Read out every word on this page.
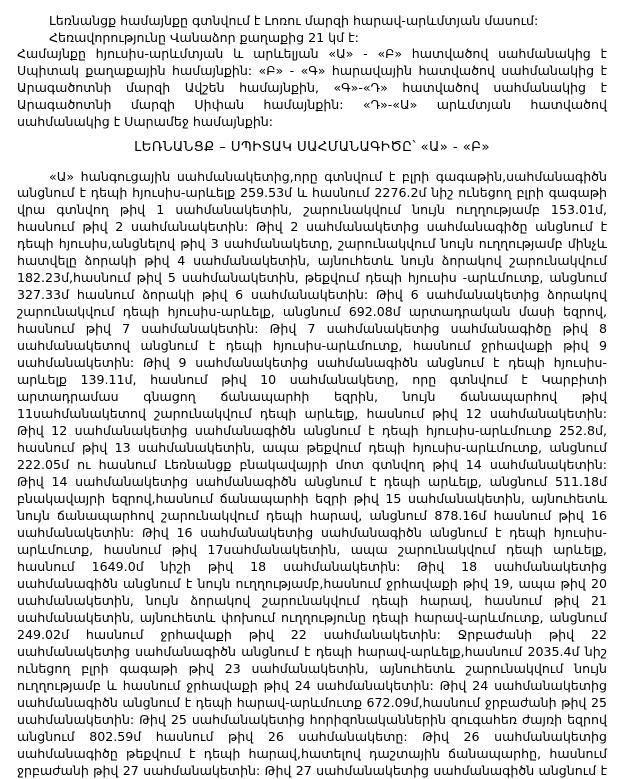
Լեռնանցք համայնքը գտնվում է Լոռու մարզի հարավ-արևմտյան մասում:
Հեռավորությունը Վանաձոր քաղաքից 21 կմ է:
Համայնքը հյուսիս-արևմտյան և արևելյան «Ա» - «Բ» հատվածով սահմանակից է
Սպիտակ քաղաքային համայնքին: «Բ» - «Գ» հարավային հատվածով սահմանակից է
Արագածոտնի մարզի Ավշեն համայնքին, «Գ»-«Դ» հատվածով սահմանակից է
Արագածոտնի մարզի Սիփան համայնքին: «Դ»-«Ա» արևմտյան հատվածով
սահմանակից է Սարամեջ համայնքին:
ԼԵՌՆԱՆՑՔ – ՍՊԻՏԱԿ ՍԱՀՄԱՆԱԳԻԾԸ՝ «Ա» - «Բ»
«Ա» հանգուցային սահմանակետից,որը գտնվում է բլրի գագաթին,սահմանագիծն
անցնում է դեպի հյուսիս-արևելք 259.53մ և հասնում 2276.2մ նիշ ունեցող բլրի գագաթի
վրա գտնվող թիվ 1 սահմանակետին, շարունակվում նույն ուղղությամբ 153.01մ,
հասնում թիվ 2 սահմանակետին: Թիվ 2 սահմանակետից սահմանագիծը անցնում է
դեպի հյուսիս,անցնելով թիվ 3 սահմանակետը, շարունակվում նույն ուղղությամբ մինչև
հատվելը ձորակի թիվ 4 սահմանակետին, այնուհետև նույն ձորակով շարունակվում
182.23մ,հասնում թիվ 5 սահմանակետին, թեքվում դեպի հյուսիս -արևմուտք, անցնում
327.33մ հասնում ձորակի թիվ 6 սահմանակետին: Թիվ 6 սահմանակետից ձորակով
շարունակվում դեպի հյուսիս-արևելք, անցնում 692.08մ արտադրական մասի եզրով,
հասնում թիվ 7 սահմանակետին: Թիվ 7 սահմանակետից սահմանագիծը թիվ 8
սահմանակետով անցնում է դեպի հյուսիս-արևմուտք, հասնում ջրհավաքի թիվ 9
սահմանակետին: Թիվ 9 սահմանակետից սահմանագիծն անցնում է դեպի հյուսիս-
արևելք 139.11մ, հասնում թիվ 10 սահմանակետը, որը գտնվում է Կարբիտի
արտադրամաս գնացող ճանապարհի եզրին, նույն ճանապարհով թիվ
11սահմանակետով շարունակվում դեպի արևելք, հասնում թիվ 12 սահմանակետին:
Թիվ 12 սահմանակետից սահմանագիծն անցնում է դեպի հյուսիս-արևմուտք 252.8մ,
հասնում թիվ 13 սահմանակետին, ապա թեքվում դեպի հյուսիս-արևմուտք, անցնում
222.05մ ու հասնում Լեռնանցք բնակավայրի մոտ գտնվող թիվ 14 սահմանակետին:
Թիվ 14 սահմանակետից սահմանագիծն անցնում է դեպի արևելք, անցնում 511.18մ
բնակավայրի եզրով,հասնում ճանապարհի եզրի թիվ 15 սահմանակետին, այնուհետև
նույն ճանապարհով շարունակվում դեպի հարավ, անցնում 878.16մ հասնում թիվ 16
սահմանակետին: Թիվ 16 սահմանակետից սահմանագիծն անցնում է դեպի հյուսիս-
արևմուտք, հասնում թիվ 17սահմանակետին, ապա շարունակվում դեպի արևելք,
հասնում 1649.0մ նիշի թիվ 18 սահմանակետին: Թիվ 18 սահմանակետից
սահմանագիծն անցնում է նույն ուղղությամբ,հասնում ջրհավաքի թիվ 19, ապա թիվ 20
սահմանակետին, նույն ձորակով շարունակվում դեպի հարավ, հասնում թիվ 21
սահմանակետին, այնուհետև փոխում ուղղությունը դեպի հարավ-արևմուտք, անցնում
249.02մ հասնում ջրհավաքի թիվ 22 սահմանակետին: Ջրբաժանի թիվ 22
սահմանակետից սահմանագիծն անցնում է դեպի հարավ-արևելք,հասնում 2035.4մ նիշ
ունեցող բլրի գագաթի թիվ 23 սահմանակետին, այնուհետև շարունակվում նույն
ուղղությամբ և հասնում ջրհավաքի թիվ 24 սահմանակետին: Թիվ 24 սահմանակետից
սահմանագիծն անցնում է դեպի հարավ-արևմուտք 672.09մ,հասնում ջրբաժանի թիվ 25
սահմանակետին: Թիվ 25 սահմանակետից հորիզոնականներին զուգահեռ ժայռի եզրով
անցնում 802.59մ հասնում թիվ 26 սահմանակետը: Թիվ 26 սահմանակետից
սահմանագիծը թեքվում է դեպի հարավ,հատելով դաշտային ճանապարհը, հասնում
ջրբաժանի թիվ 27 սահմանակետին: Թիվ 27 սահմանակետից սահմանագիծն անցնում է
